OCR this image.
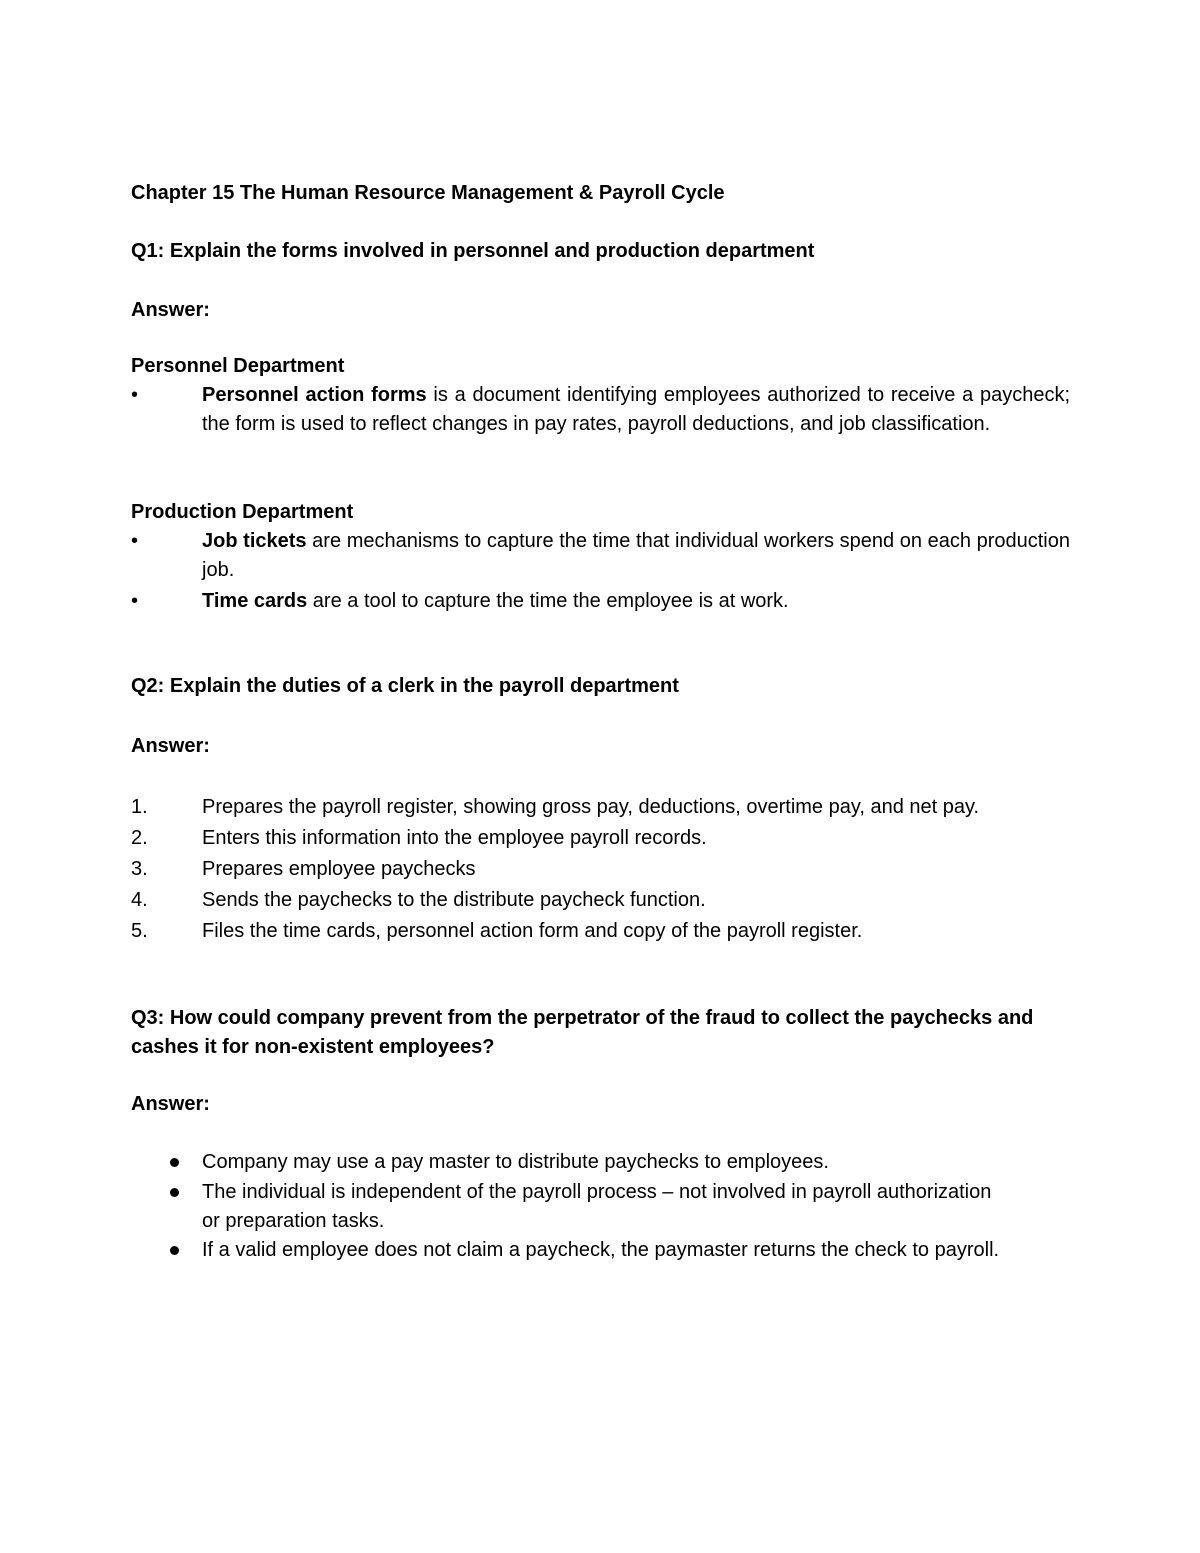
Chapter 15 The Human Resource Management & Payroll Cycle
Q1: Explain the forms involved in personnel and production department
Answer:
Personnel Department
•	Personnel action forms is a document identifying employees authorized to receive a paycheck; the form is used to reflect changes in pay rates, payroll deductions, and job classification.
Production Department
•	Job tickets are mechanisms to capture the time that individual workers spend on each production job.
•	Time cards are a tool to capture the time the employee is at work.
Q2: Explain the duties of a clerk in the payroll department
Answer:
1.	Prepares the payroll register, showing gross pay, deductions, overtime pay, and net pay.
2.	Enters this information into the employee payroll records.
3.	Prepares employee paychecks
4.	Sends the paychecks to the distribute paycheck function.
5.	Files the time cards, personnel action form and copy of the payroll register.
Q3: How could company prevent from the perpetrator of the fraud to collect the paychecks and
cashes it for non-existent employees?
Answer:
Company may use a pay master to distribute paychecks to employees.
The individual is independent of the payroll process – not involved in payroll authorization
or preparation tasks.
If a valid employee does not claim a paycheck, the paymaster returns the check to payroll.
